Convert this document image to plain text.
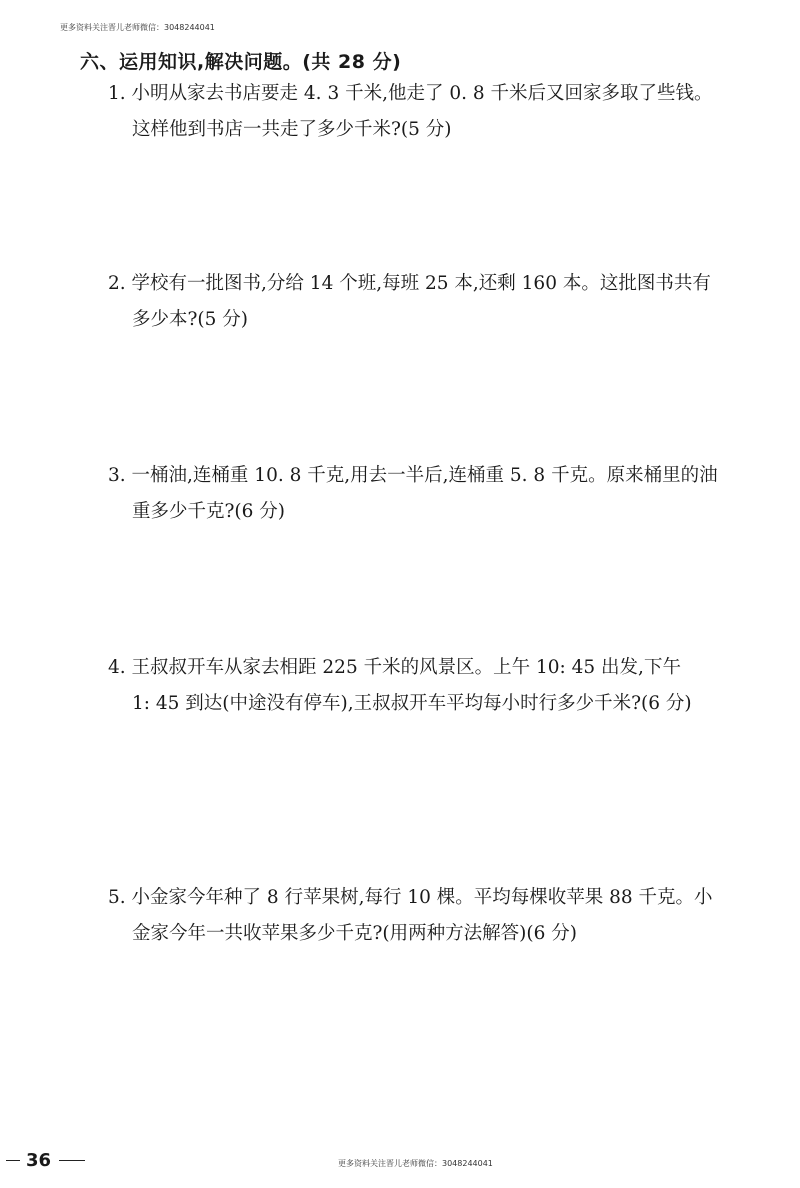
更多资料关注晋儿老师微信：3048244041
六、运用知识,解决问题。(共 28 分)
1. 小明从家去书店要走 4. 3 千米,他走了 0. 8 千米后又回家多取了些钱。
这样他到书店一共走了多少千米?(5 分)
2. 学校有一批图书,分给 14 个班,每班 25 本,还剩 160 本。这批图书共有
多少本?(5 分)
3. 一桶油,连桶重 10. 8 千克,用去一半后,连桶重 5. 8 千克。原来桶里的油
重多少千克?(6 分)
4. 王叔叔开车从家去相距 225 千米的风景区。上午 10: 45 出发,下午
1: 45 到达(中途没有停车),王叔叔开车平均每小时行多少千米?(6 分)
5. 小金家今年种了 8 行苹果树,每行 10 棵。平均每棵收苹果 88 千克。小
金家今年一共收苹果多少千克?(用两种方法解答)(6 分)
36	更多资料关注晋儿老师微信：3048244041
